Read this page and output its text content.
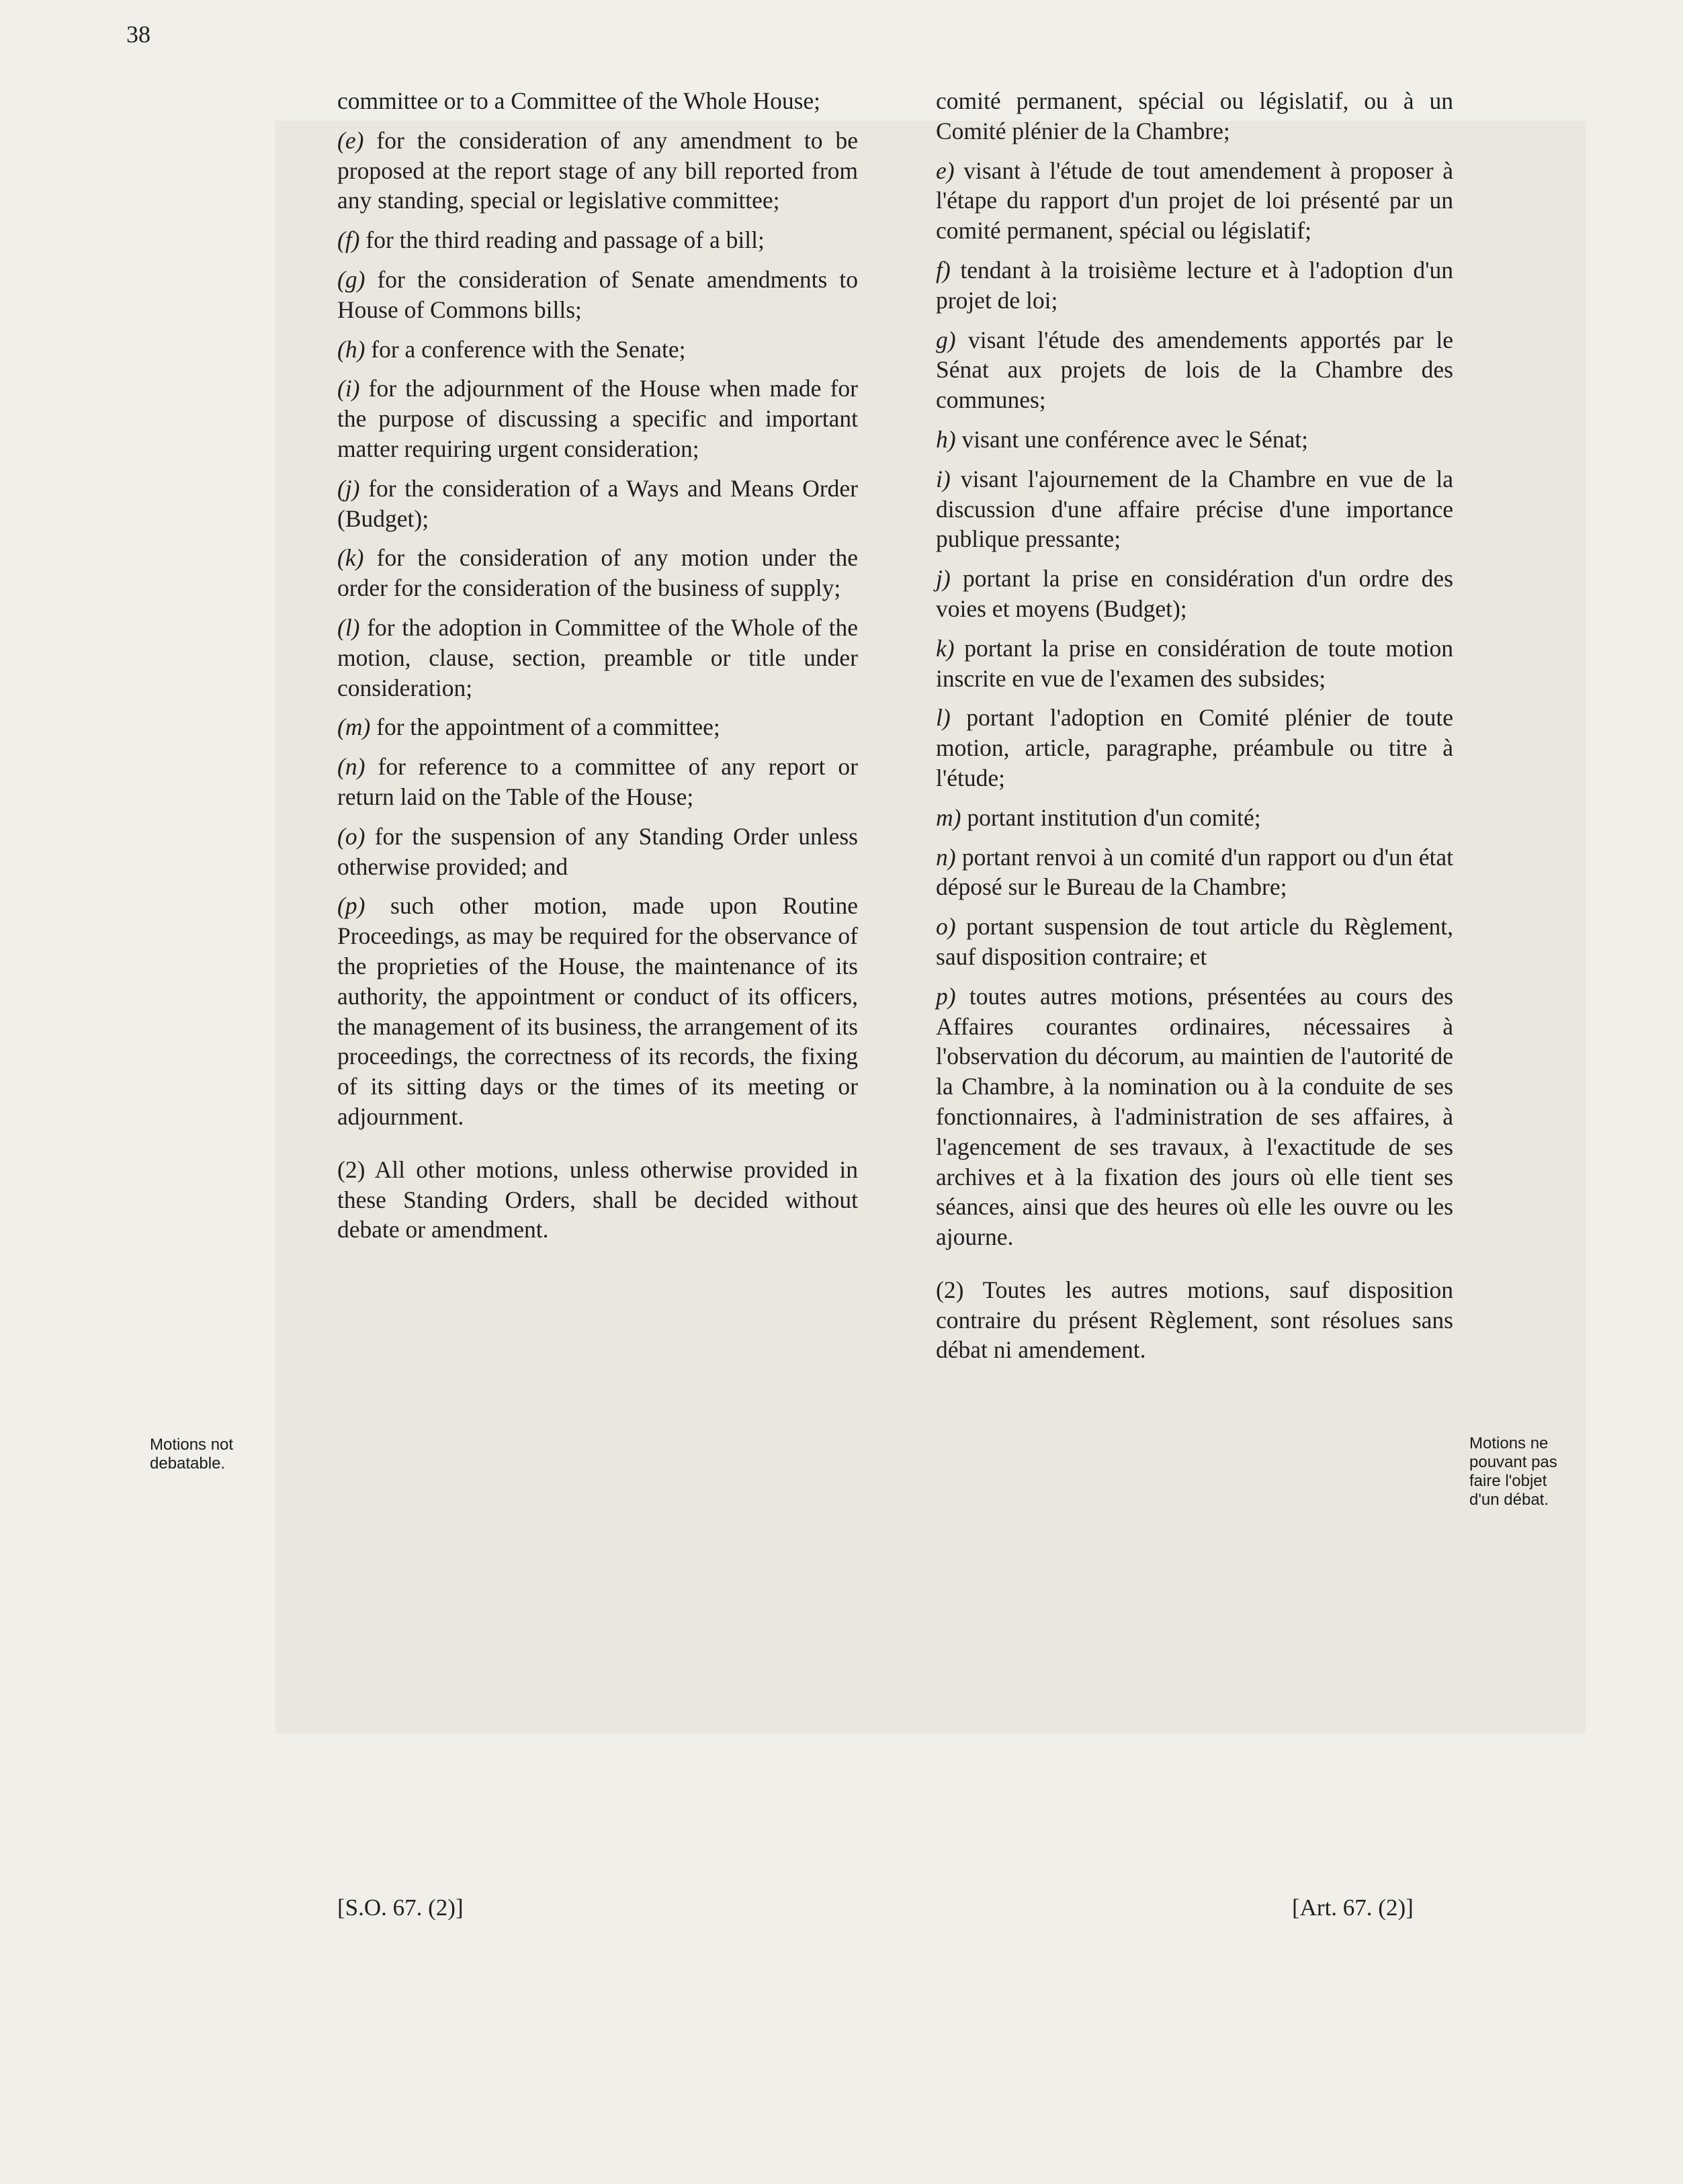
38

committee or to a Committee of the Whole House;

(e) for the consideration of any amendment to be proposed at the report stage of any bill reported from any standing, special or legislative committee;

(f) for the third reading and passage of a bill;

(g) for the consideration of Senate amendments to House of Commons bills;

(h) for a conference with the Senate;

(i) for the adjournment of the House when made for the purpose of discussing a specific and important matter requiring urgent consideration;

(j) for the consideration of a Ways and Means Order (Budget);

(k) for the consideration of any motion under the order for the consideration of the business of supply;

(l) for the adoption in Committee of the Whole of the motion, clause, section, preamble or title under consideration;

(m) for the appointment of a committee;

(n) for reference to a committee of any report or return laid on the Table of the House;

(o) for the suspension of any Standing Order unless otherwise provided; and

(p) such other motion, made upon Routine Proceedings, as may be required for the observance of the proprieties of the House, the maintenance of its authority, the appointment or conduct of its officers, the management of its business, the arrangement of its proceedings, the correctness of its records, the fixing of its sitting days or the times of its meeting or adjournment.

(2) All other motions, unless otherwise provided in these Standing Orders, shall be decided without debate or amendment.

comité permanent, spécial ou législatif, ou à un Comité plénier de la Chambre;

e) visant à l'étude de tout amendement à proposer à l'étape du rapport d'un projet de loi présenté par un comité permanent, spécial ou législatif;

f) tendant à la troisième lecture et à l'adoption d'un projet de loi;

g) visant l'étude des amendements apportés par le Sénat aux projets de lois de la Chambre des communes;

h) visant une conférence avec le Sénat;

i) visant l'ajournement de la Chambre en vue de la discussion d'une affaire précise d'une importance publique pressante;

j) portant la prise en considération d'un ordre des voies et moyens (Budget);

k) portant la prise en considération de toute motion inscrite en vue de l'examen des subsides;

l) portant l'adoption en Comité plénier de toute motion, article, paragraphe, préambule ou titre à l'étude;

m) portant institution d'un comité;

n) portant renvoi à un comité d'un rapport ou d'un état déposé sur le Bureau de la Chambre;

o) portant suspension de tout article du Règlement, sauf disposition contraire; et

p) toutes autres motions, présentées au cours des Affaires courantes ordinaires, nécessaires à l'observation du décorum, au maintien de l'autorité de la Chambre, à la nomination ou à la conduite de ses fonctionnaires, à l'administration de ses affaires, à l'agencement de ses travaux, à l'exactitude de ses archives et à la fixation des jours où elle tient ses séances, ainsi que des heures où elle les ouvre ou les ajourne.

(2) Toutes les autres motions, sauf disposition contraire du présent Règlement, sont résolues sans débat ni amendement.

Motions not debatable.
Motions ne pouvant pas faire l'objet d'un débat.
[S.O. 67. (2)]	[Art. 67. (2)]
